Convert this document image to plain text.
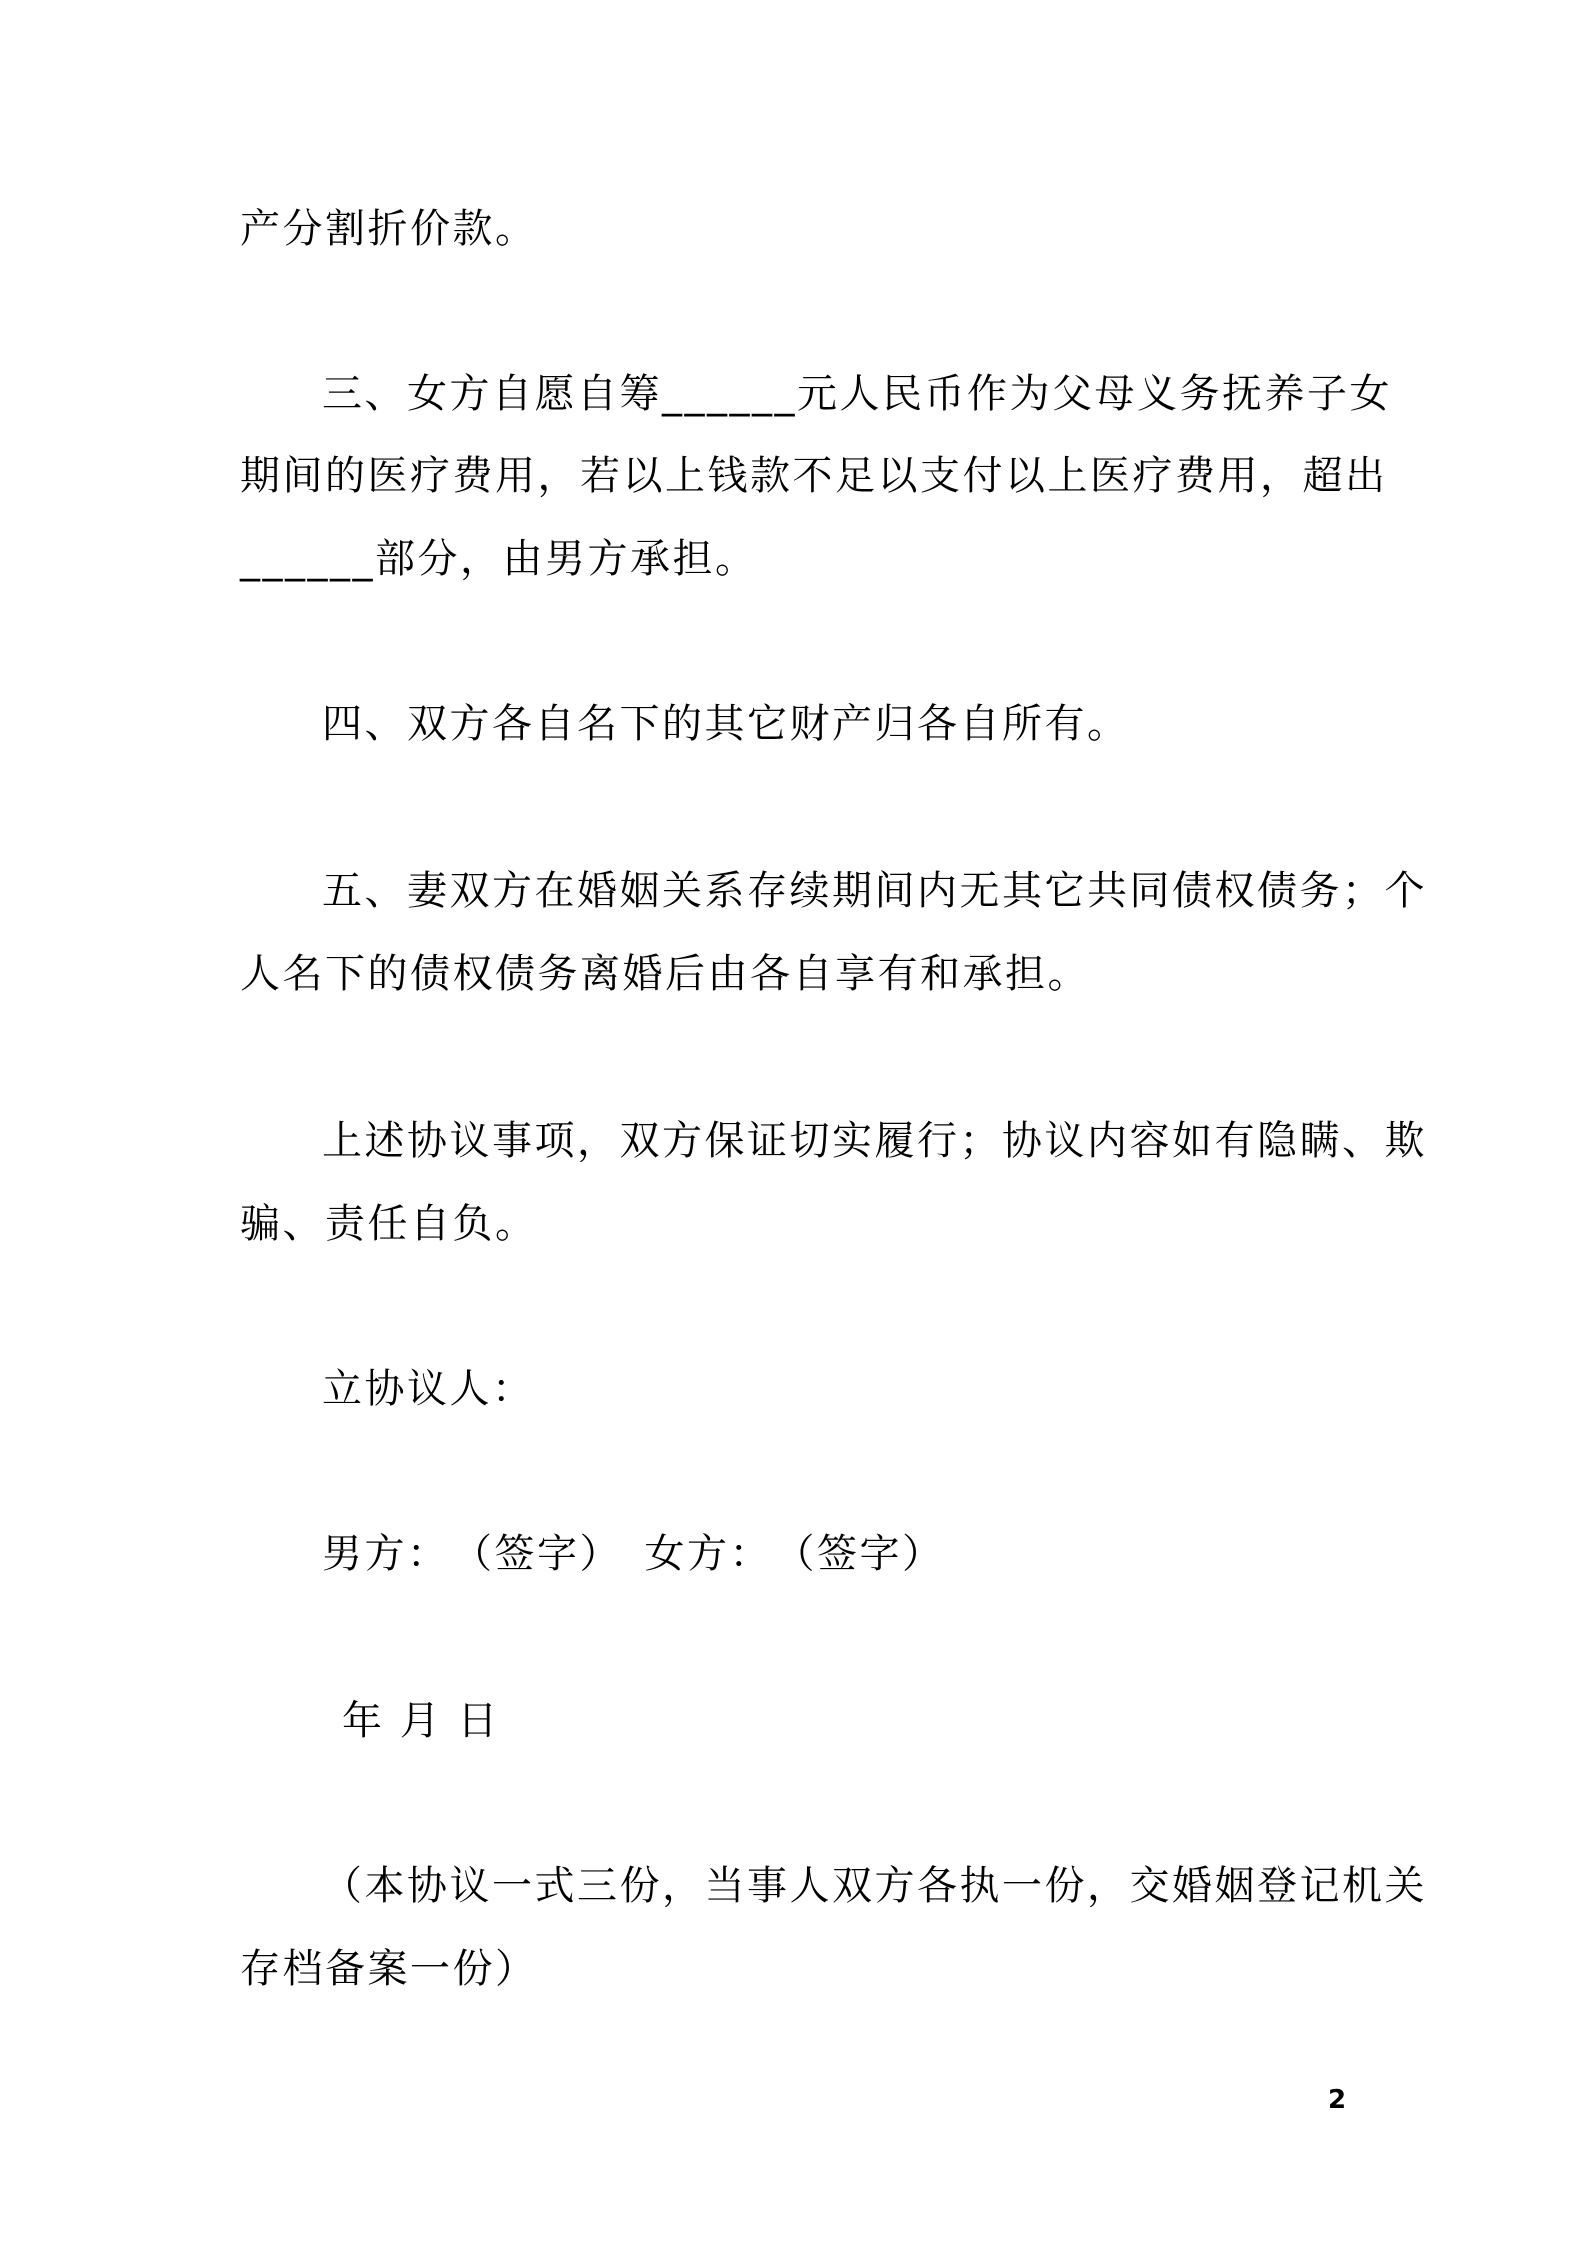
产分割折价款。
三、女方自愿自筹______元人民币作为父母义务抚养子女
期间的医疗费用，若以上钱款不足以支付以上医疗费用，超出
______部分，由男方承担。
四、双方各自名下的其它财产归各自所有。
五、妻双方在婚姻关系存续期间内无其它共同债权债务；个
人名下的债权债务离婚后由各自享有和承担。
上述协议事项，双方保证切实履行；协议内容如有隐瞒、欺
骗、责任自负。
立协议人：
男方：　（签字）　女方：　（签字）
年 月 日
（本协议一式三份，当事人双方各执一份，交婚姻登记机关
存档备案一份）
2
